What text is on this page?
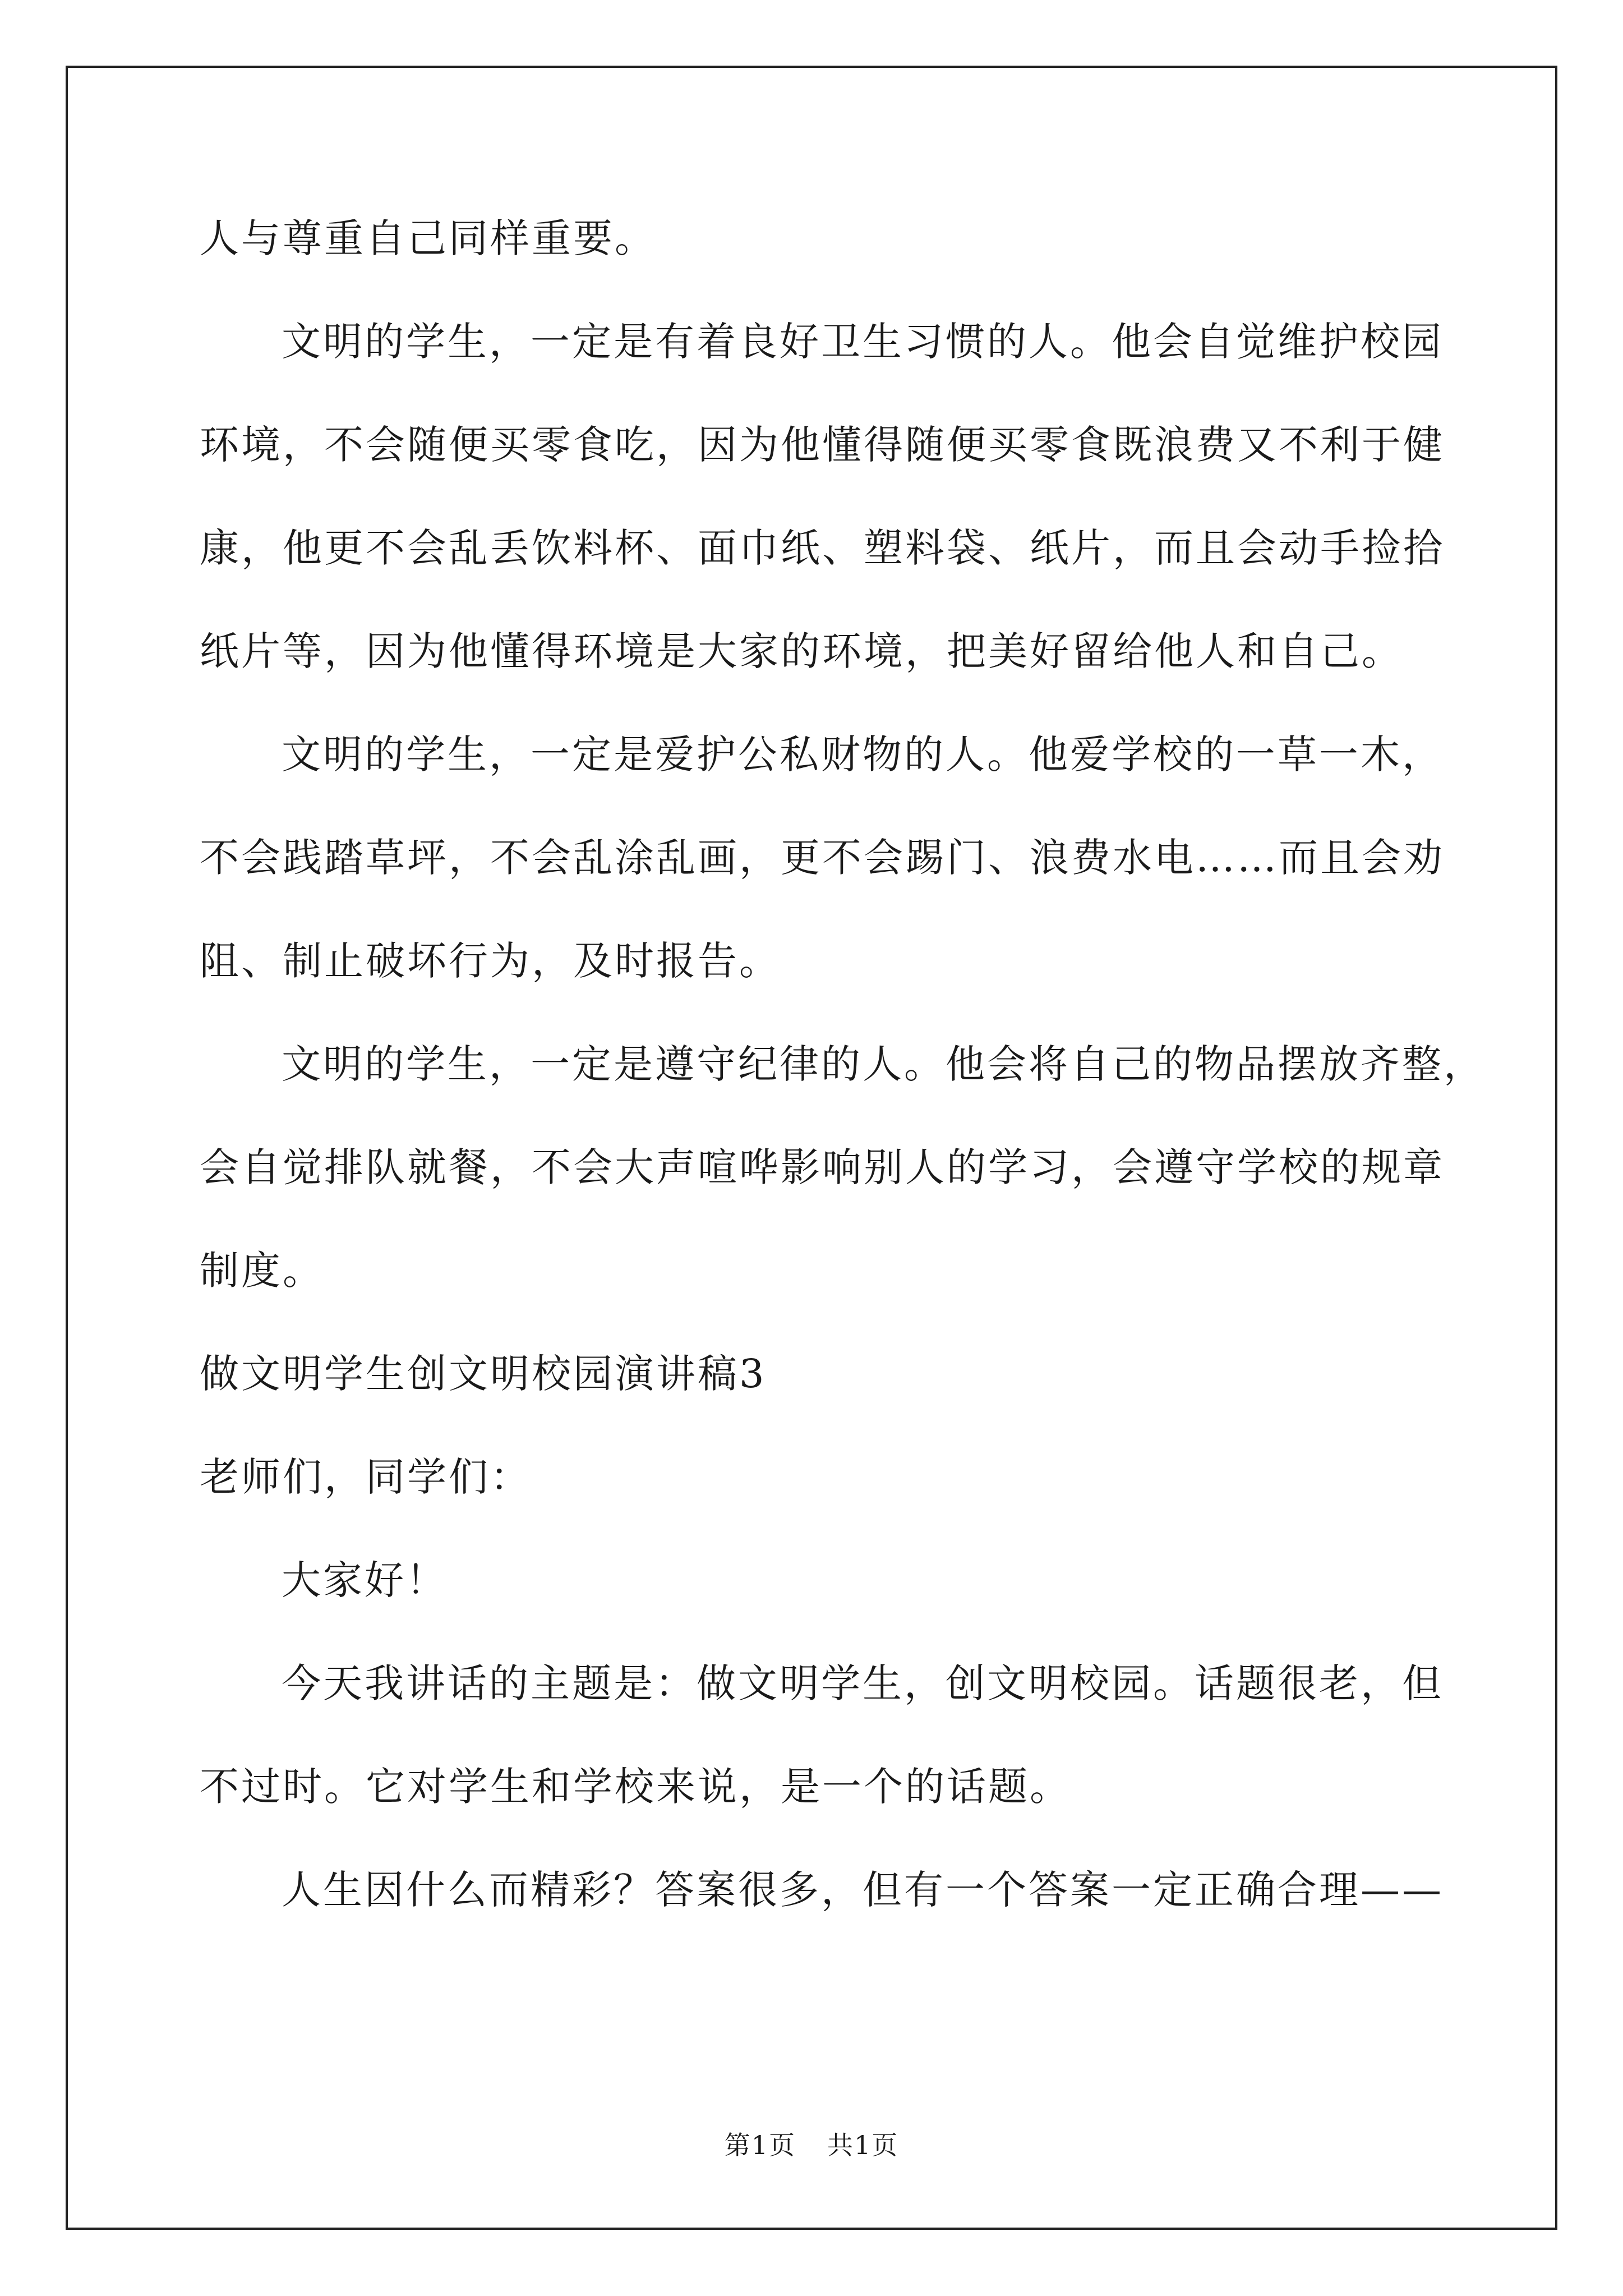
人与尊重自己同样重要。
文明的学生，一定是有着良好卫生习惯的人。他会自觉维护校园
环境，不会随便买零食吃，因为他懂得随便买零食既浪费又不利于健
康，他更不会乱丢饮料杯、面巾纸、塑料袋、纸片，而且会动手捡拾
纸片等，因为他懂得环境是大家的环境，把美好留给他人和自己。
文明的学生，一定是爱护公私财物的人。他爱学校的一草一木，
不会践踏草坪，不会乱涂乱画，更不会踢门、浪费水电……而且会劝
阻、制止破坏行为，及时报告。
文明的学生，一定是遵守纪律的人。他会将自己的物品摆放齐整，
会自觉排队就餐，不会大声喧哗影响别人的学习，会遵守学校的规章
制度。
做文明学生创文明校园演讲稿3
老师们，同学们：
大家好！
今天我讲话的主题是：做文明学生，创文明校园。话题很老，但
不过时。它对学生和学校来说，是一个的话题。
人生因什么而精彩？答案很多，但有一个答案一定正确合理——
第1页 共1页
